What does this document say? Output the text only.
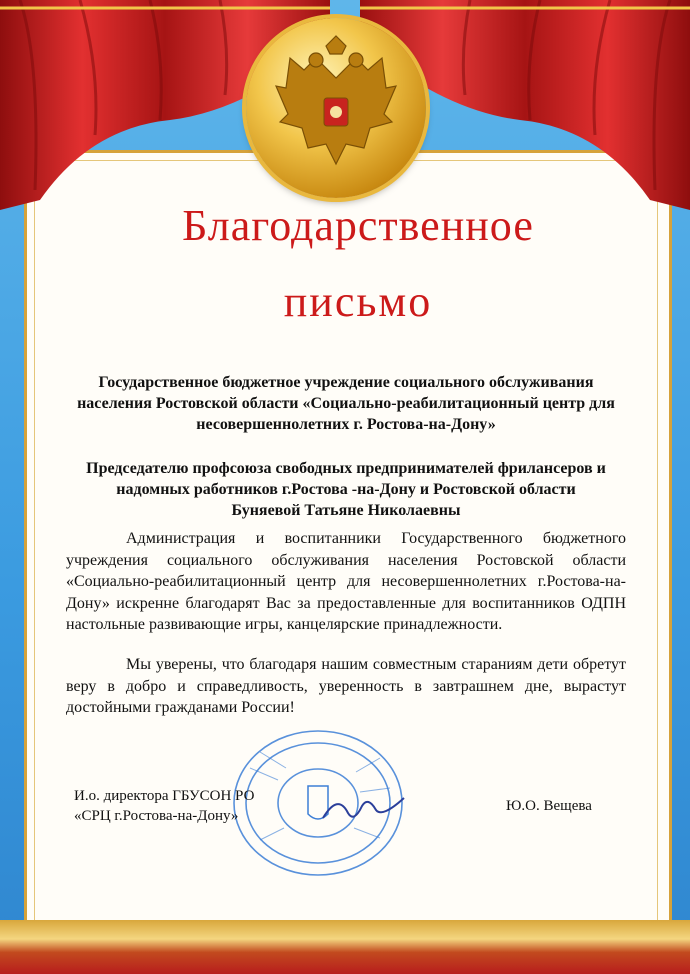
Благодарственное
письмо
Государственное бюджетное учреждение социального обслуживания населения Ростовской области «Социально-реабилитационный центр для несовершеннолетних г. Ростова-на-Дону»
Председателю профсоюза свободных предпринимателей фрилансеров и надомных работников г.Ростова -на-Дону и Ростовской области
Буняевой Татьяне Николаевны
Администрация и воспитанники Государственного бюджетного учреждения социального обслуживания населения Ростовской области «Социально-реабилитационный центр для несовершеннолетних г.Ростова-на-Дону» искренне благодарят Вас за предоставленные для воспитанников ОДПН настольные развивающие игры, канцелярские принадлежности.
Мы уверены, что благодаря нашим совместным стараниям дети обретут веру в добро и справедливость, уверенность в завтрашнем дне, вырастут достойными гражданами России!
И.о. директора ГБУСОН РО
«СРЦ г.Ростова-на-Дону»
Ю.О. Вещева
